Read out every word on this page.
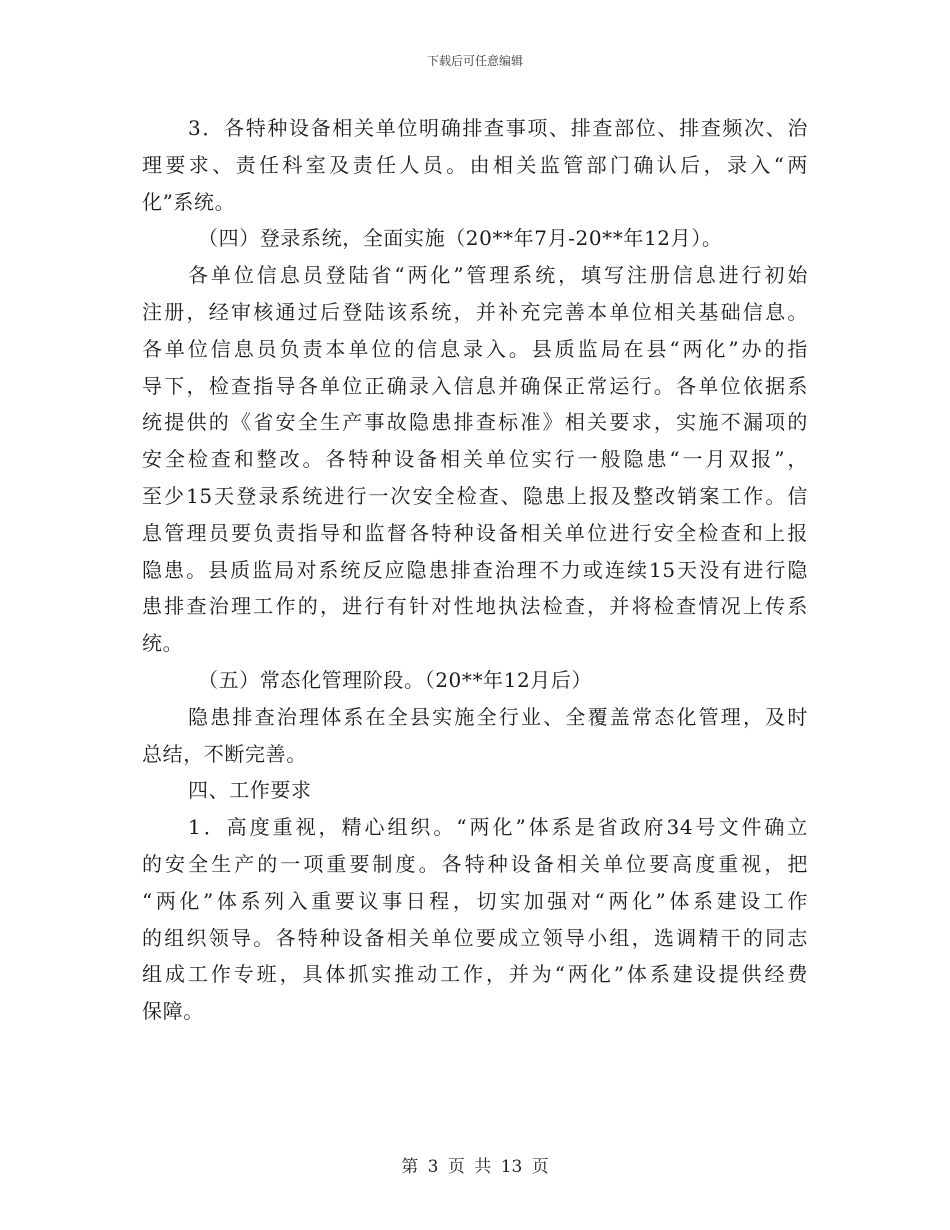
下载后可任意编辑
3．各特种设备相关单位明确排查事项、排查部位、排查频次、治
理要求、责任科室及责任人员。由相关监管部门确认后，录入“两
化”系统。
（四）登录系统，全面实施（20**年7月-20**年12月）。
各单位信息员登陆省“两化”管理系统，填写注册信息进行初始
注册，经审核通过后登陆该系统，并补充完善本单位相关基础信息。
各单位信息员负责本单位的信息录入。县质监局在县“两化”办的指
导下，检查指导各单位正确录入信息并确保正常运行。各单位依据系
统提供的《省安全生产事故隐患排查标准》相关要求，实施不漏项的
安全检查和整改。各特种设备相关单位实行一般隐患“一月双报”，
至少15天登录系统进行一次安全检查、隐患上报及整改销案工作。信
息管理员要负责指导和监督各特种设备相关单位进行安全检查和上报
隐患。县质监局对系统反应隐患排查治理不力或连续15天没有进行隐
患排查治理工作的，进行有针对性地执法检查，并将检查情况上传系
统。
（五）常态化管理阶段。（20**年12月后）
隐患排查治理体系在全县实施全行业、全覆盖常态化管理，及时
总结，不断完善。
四、工作要求
1．高度重视，精心组织。“两化”体系是省政府34号文件确立
的安全生产的一项重要制度。各特种设备相关单位要高度重视，把
“两化”体系列入重要议事日程，切实加强对“两化”体系建设工作
的组织领导。各特种设备相关单位要成立领导小组，选调精干的同志
组成工作专班，具体抓实推动工作，并为“两化”体系建设提供经费
保障。
第 3 页 共 13 页
